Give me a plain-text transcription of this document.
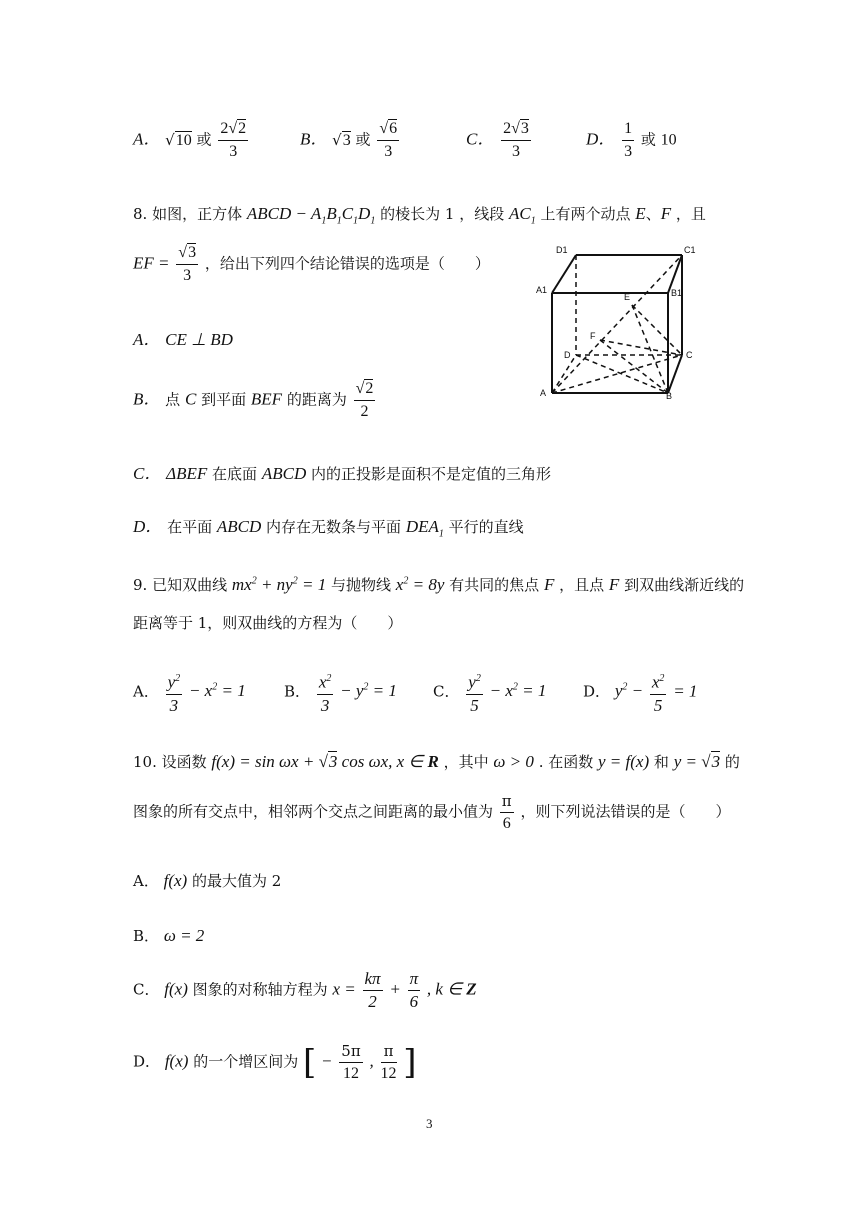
A． √10 或 $\frac{2√2}{3}$	B． √3 或 $\frac{√6}{3}$	C． $\frac{2√3}{3}$	D． $\frac{1}{3}$ 或 10
8. 如图，正方体 ABCD − $A_1B_1C_1D_1$ 的棱长为 1 ，线段 $AC_1$ 上有两个动点 E、F ，且
EF = $\frac{√3}{3}$ ，给出下列四个结论错误的选项是（　　）
D1	C1
A1	B1
E
F
D	C
A	B
A． CE ⊥ BD
B． 点 C 到平面 BEF 的距离为 $\frac{√2}{2}$
C． ΔBEF 在底面 ABCD 内的正投影是面积不是定值的三角形
D． 在平面 ABCD 内存在无数条与平面 $DEA_1$ 平行的直线
9. 已知双曲线 $mx^2 + ny^2 = 1$ 与抛物线 $x^2 = 8y$ 有共同的焦点 F ，且点 F 到双曲线渐近线的
距离等于 1，则双曲线的方程为（　　）
A． $\frac{y^2}{3} - x^2 = 1$	B． $\frac{x^2}{3} - y^2 = 1$ C． $\frac{y^2}{5} - x^2 = 1$ D． $y^2 - \frac{x^2}{5} = 1$
10. 设函数 f(x) = sin ωx + √3 cos ωx, x ∈ R ，其中 ω > 0 . 在函数 y = f(x) 和 y = √3 的
图象的所有交点中，相邻两个交点之间距离的最小值为 $\frac{\pi}{6}$ ，则下列说法错误的是（　　）
A． f(x) 的最大值为 2
B． ω = 2
C． f(x) 图象的对称轴方程为 $x = \frac{k\pi}{2} + \frac{\pi}{6}$ , k ∈ Z
D． f(x) 的一个增区间为 [ − $\frac{5\pi}{12}$ , $\frac{\pi}{12}$ ]
3
